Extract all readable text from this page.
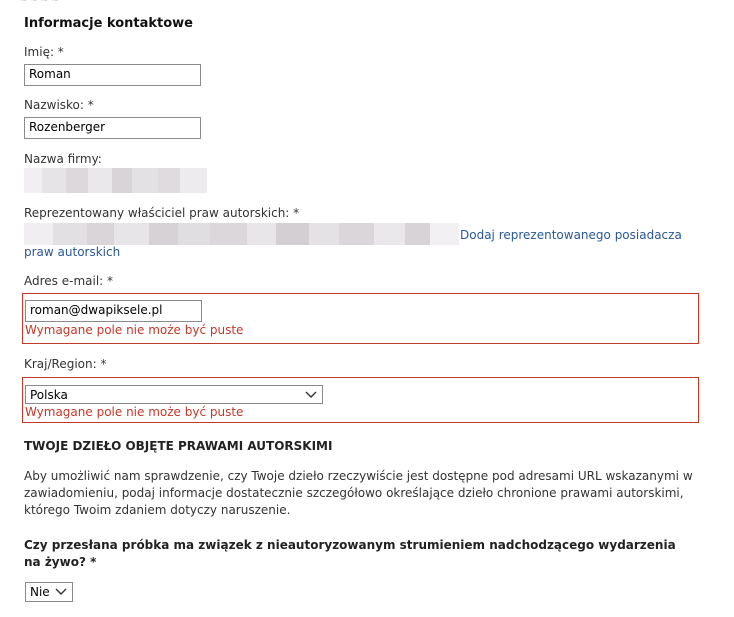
~ ~ ~ ~
Informacje kontaktowe
Imię: *
Roman
Nazwisko: *
Rozenberger
Nazwa firmy:
Reprezentowany właściciel praw autorskich: *
Dodaj reprezentowanego posiadacza
praw autorskich
Adres e-mail: *
roman@dwapiksele.pl
Wymagane pole nie może być puste
Kraj/Region: *
Polska
Wymagane pole nie może być puste
TWOJE DZIEŁO OBJĘTE PRAWAMI AUTORSKIMI
Aby umożliwić nam sprawdzenie, czy Twoje dzieło rzeczywiście jest dostępne pod adresami URL wskazanymi w zawiadomieniu, podaj informacje dostatecznie szczegółowo określające dzieło chronione prawami autorskimi, którego Twoim zdaniem dotyczy naruszenie.
Czy przesłana próbka ma związek z nieautoryzowanym strumieniem nadchodzącego wydarzenia na żywo? *
Nie
